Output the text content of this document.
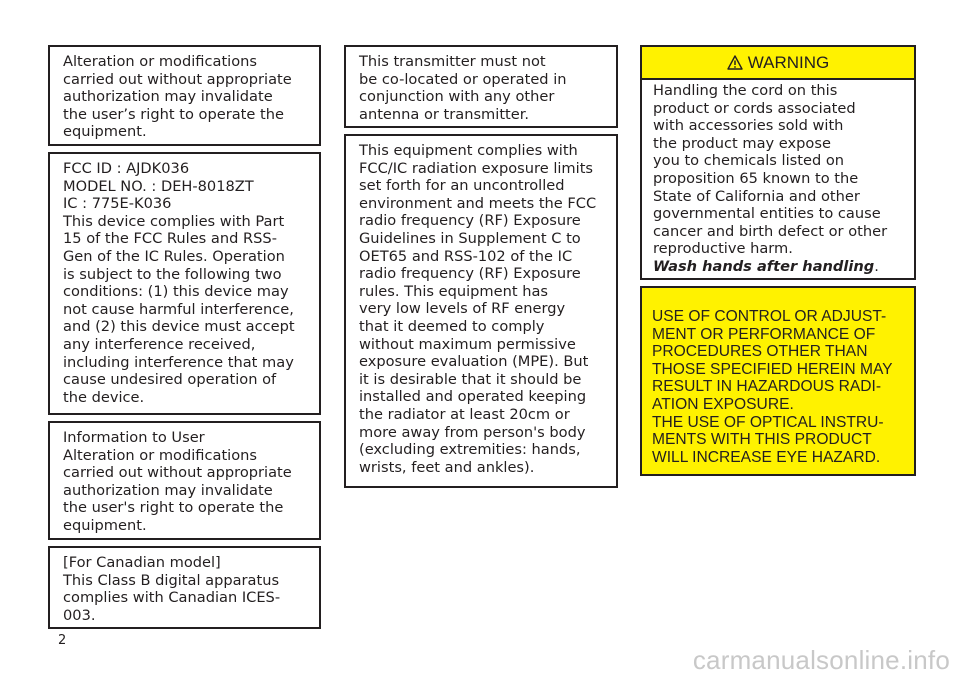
Alteration or modifications
carried out without appropriate
authorization may invalidate
the user’s right to operate the
equipment.
FCC ID : AJDK036
MODEL NO. : DEH-8018ZT
IC : 775E-K036
This device complies with Part
15 of the FCC Rules and RSS-
Gen of the IC Rules. Operation
is subject to the following two
conditions: (1) this device may
not cause harmful interference,
and (2) this device must accept
any interference received,
including interference that may
cause undesired operation of
the device.
Information to User
Alteration or modifications
carried out without appropriate
authorization may invalidate
the user's right to operate the
equipment.
[For Canadian model]
This Class B digital apparatus
complies with Canadian ICES-
003.
This transmitter must not
be co-located or operated in
conjunction with any other
antenna or transmitter.
This equipment complies with
FCC/IC radiation exposure limits
set forth for an uncontrolled
environment and meets the FCC
radio frequency (RF) Exposure
Guidelines in Supplement C to
OET65 and RSS-102 of the IC
radio frequency (RF) Exposure
rules. This equipment has
very low levels of RF energy
that it deemed to comply
without maximum permissive
exposure evaluation (MPE). But
it is desirable that it should be
installed and operated keeping
the radiator at least 20cm or
more away from person's body
(excluding extremities: hands,
wrists, feet and ankles).
WARNING
Handling the cord on this
product or cords associated
with accessories sold with
the product may expose
you to chemicals listed on
proposition 65 known to the
State of California and other
governmental entities to cause
cancer and birth defect or other
reproductive harm.
Wash hands after handling.
USE OF CONTROL OR ADJUST-
MENT OR PERFORMANCE OF
PROCEDURES OTHER THAN
THOSE SPECIFIED HEREIN MAY
RESULT IN HAZARDOUS RADI-
ATION EXPOSURE.
THE USE OF OPTICAL INSTRU-
MENTS WITH THIS PRODUCT
WILL INCREASE EYE HAZARD.
2
carmanualsonline.info
